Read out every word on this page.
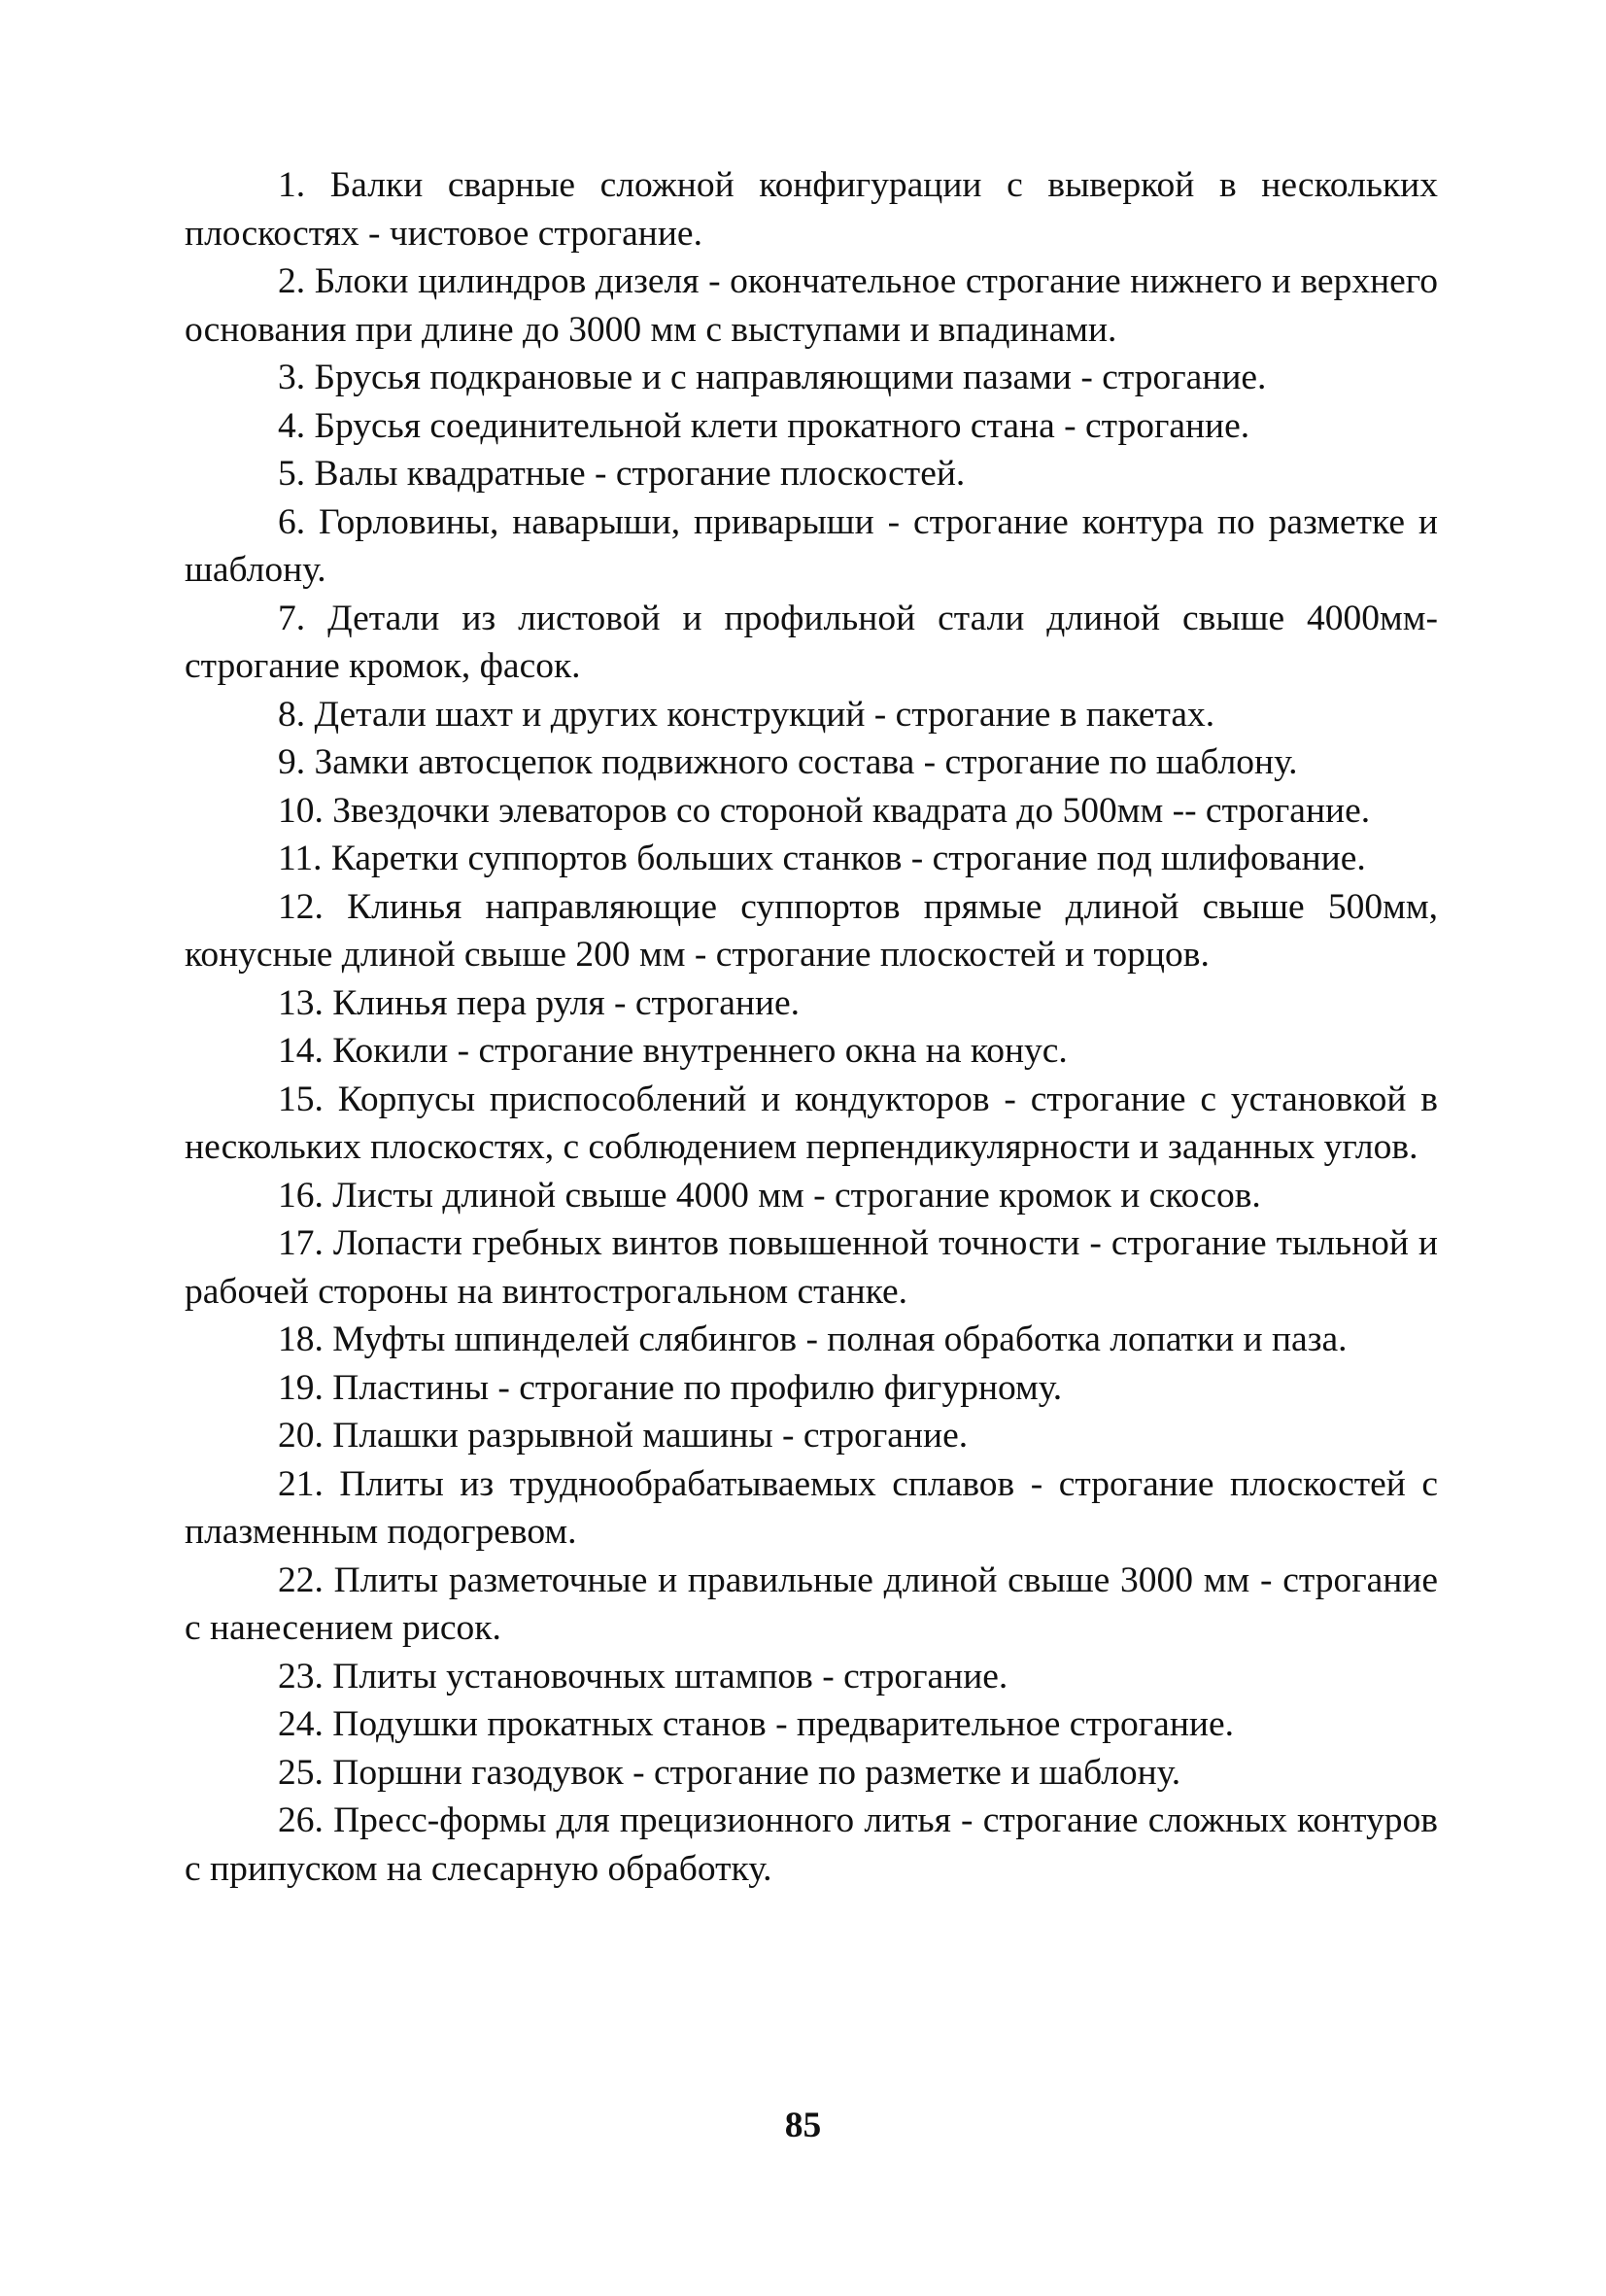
1. Балки сварные сложной конфигурации с выверкой в нескольких плоскостях - чистовое строгание.

2. Блоки цилиндров дизеля - окончательное строгание нижнего и верхнего основания при длине до 3000 мм с выступами и впадинами.

3. Брусья подкрановые и с направляющими пазами - строгание.

4. Брусья соединительной клети прокатного стана - строгание.

5. Валы квадратные - строгание плоскостей.

6. Горловины, наварыши, приварыши - строгание контура по разметке и шаблону.

7. Детали из листовой и профильной стали длиной свыше 4000мм- строгание кромок, фасок.

8. Детали шахт и других конструкций - строгание в пакетах.

9. Замки автосцепок подвижного состава - строгание по шаблону.

10. Звездочки элеваторов со стороной квадрата до 500мм -- строгание.

11. Каретки суппортов больших станков - строгание под шлифование.

12. Клинья направляющие суппортов прямые длиной свыше 500мм, конусные длиной свыше 200 мм - строгание плоскостей и торцов.

13. Клинья пера руля - строгание.

14. Кокили - строгание внутреннего окна на конус.

15. Корпусы приспособлений и кондукторов - строгание с установкой в нескольких плоскостях, с соблюдением перпендикулярности и заданных углов.

16. Листы длиной свыше 4000 мм - строгание кромок и скосов.

17. Лопасти гребных винтов повышенной точности - строгание тыльной и рабочей стороны на винтострогальном станке.

18. Муфты шпинделей слябингов - полная обработка лопатки и паза.

19. Пластины - строгание по профилю фигурному.

20. Плашки разрывной машины - строгание.

21. Плиты из труднообрабатываемых сплавов - строгание плоскостей с плазменным подогревом.

22. Плиты разметочные и правильные длиной свыше 3000 мм - строгание с нанесением рисок.

23. Плиты установочных штампов - строгание.

24. Подушки прокатных станов - предварительное строгание.

25. Поршни газодувок - строгание по разметке и шаблону.

26. Пресс-формы для прецизионного литья - строгание сложных контуров с припуском на слесарную обработку.

85
